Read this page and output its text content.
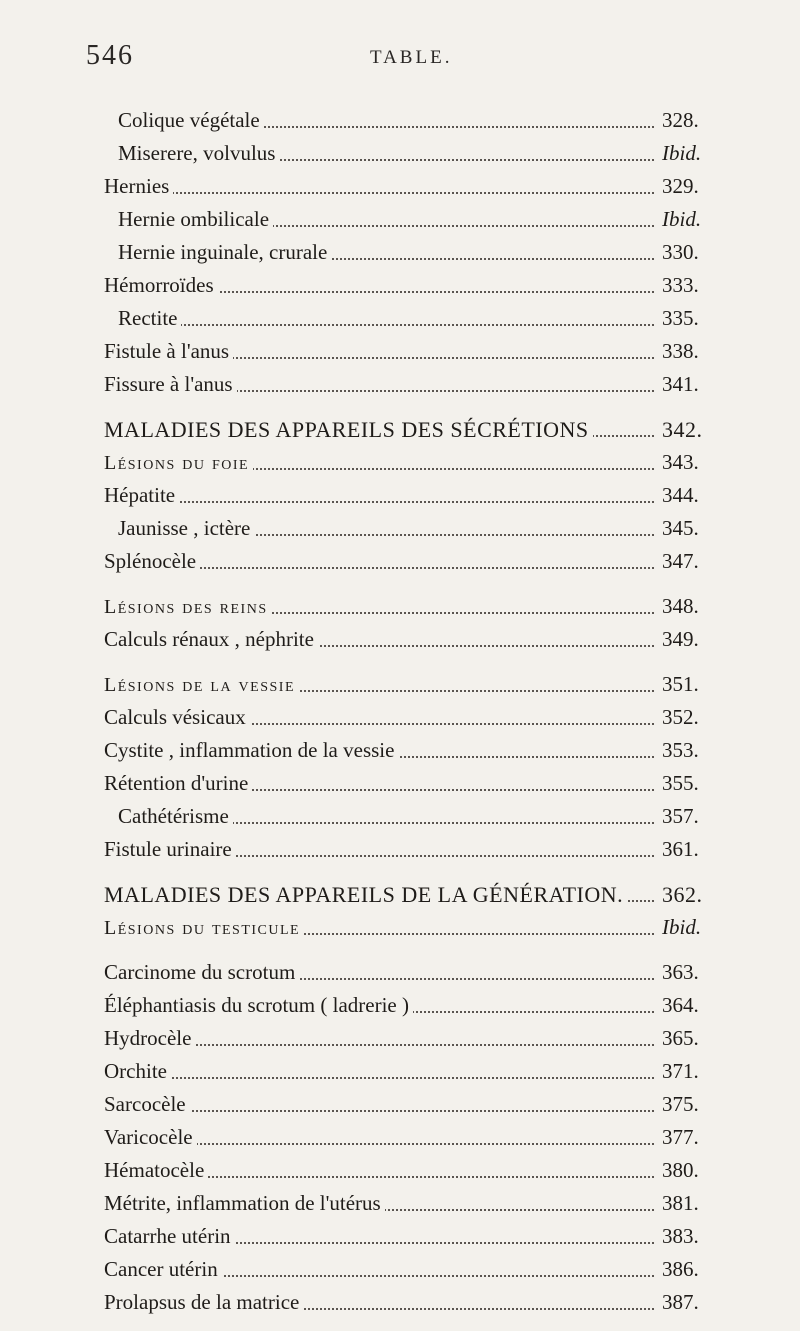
546	TABLE.
Colique végétale	328.
Miserere, volvulus	Ibid.
Hernies	329.
Hernie ombilicale	Ibid.
Hernie inguinale, crurale	330.
Hémorroïdes	333.
Rectite	335.
Fistule à l'anus	338.
Fissure à l'anus	341.
MALADIES DES APPAREILS DES SÉCRÉTIONS	342.
Lésions du foie	343.
Hépatite	344.
Jaunisse , ictère	345.
Splénocèle	347.
Lésions des reins	348.
Calculs rénaux , néphrite	349.
Lésions de la vessie	351.
Calculs vésicaux	352.
Cystite , inflammation de la vessie	353.
Rétention d'urine	355.
Cathétérisme	357.
Fistule urinaire	361.
MALADIES DES APPAREILS DE LA GÉNÉRATION. 362.
Lésions du testicule	Ibid.
Carcinome du scrotum	363.
Éléphantiasis du scrotum ( ladrerie )	364.
Hydrocèle	365.
Orchite	371.
Sarcocèle	375.
Varicocèle	377.
Hématocèle	380.
Métrite, inflammation de l'utérus	381.
Catarrhe utérin	383.
Cancer utérin	386.
Prolapsus de la matrice	387.
